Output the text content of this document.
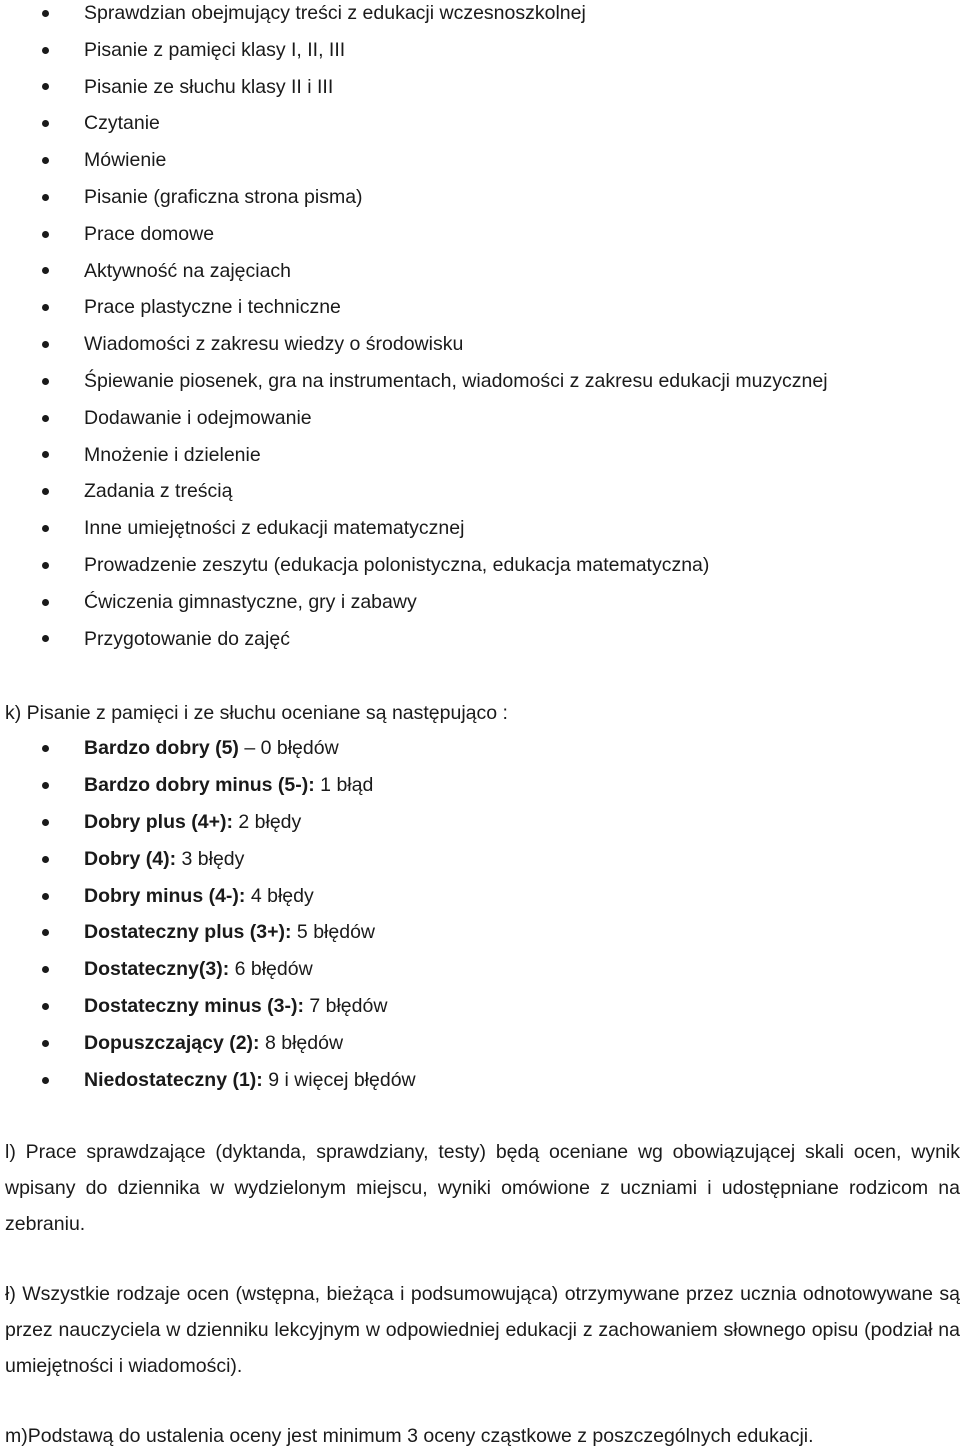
Sprawdzian obejmujący treści z edukacji wczesnoszkolnej
Pisanie z pamięci klasy I, II, III
Pisanie ze słuchu klasy II i III
Czytanie
Mówienie
Pisanie (graficzna strona pisma)
Prace domowe
Aktywność na zajęciach
Prace plastyczne i techniczne
Wiadomości z zakresu wiedzy o środowisku
Śpiewanie piosenek, gra na instrumentach, wiadomości z zakresu edukacji muzycznej
Dodawanie i odejmowanie
Mnożenie i dzielenie
Zadania z treścią
Inne umiejętności z edukacji matematycznej
Prowadzenie zeszytu (edukacja polonistyczna, edukacja matematyczna)
Ćwiczenia gimnastyczne, gry i zabawy
Przygotowanie do zajęć
k) Pisanie z pamięci i ze słuchu oceniane są następująco :
Bardzo dobry (5) – 0 błędów
Bardzo dobry minus (5-): 1 błąd
Dobry plus (4+): 2 błędy
Dobry (4): 3 błędy
Dobry minus (4-): 4 błędy
Dostateczny plus (3+): 5 błędów
Dostateczny(3): 6 błędów
Dostateczny minus (3-): 7 błędów
Dopuszczający (2): 8 błędów
Niedostateczny (1): 9 i więcej błędów
l) Prace sprawdzające (dyktanda, sprawdziany, testy) będą oceniane wg obowiązującej skali ocen, wynik wpisany do dziennika w wydzielonym miejscu, wyniki omówione z uczniami i udostępniane rodzicom na zebraniu.
ł) Wszystkie rodzaje ocen (wstępna, bieżąca i podsumowująca) otrzymywane przez ucznia odnotowywane są przez nauczyciela w dzienniku lekcyjnym w odpowiedniej edukacji z zachowaniem słownego opisu (podział na umiejętności i wiadomości).
m)Podstawą do ustalenia oceny jest minimum 3 oceny cząstkowe z poszczególnych edukacji.
